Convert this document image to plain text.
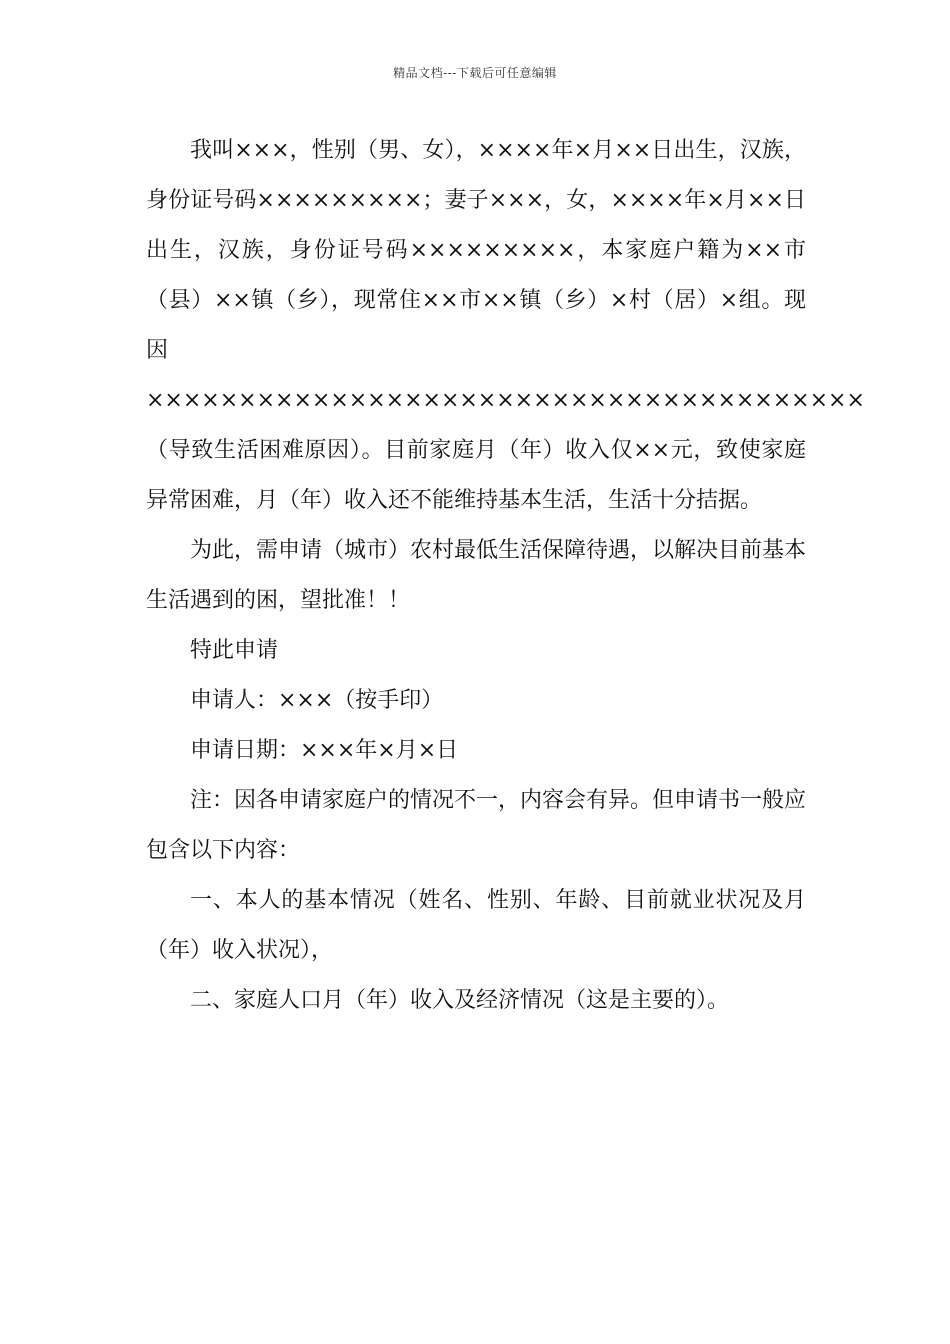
精品文档---下载后可任意编辑

我叫×××，性别（男、女），××××年×月××日出生，汉族，身份证号码×××××××××；妻子×××，女，××××年×月××日出生，汉族，身份证号码×××××××××，本家庭户籍为××市（县）××镇（乡），现常住××市××镇（乡）×村（居）×组。现因×××××××××××××××××××××××××××××××××××××××（导致生活困难原因）。目前家庭月（年）收入仅××元，致使家庭异常困难，月（年）收入还不能维持基本生活，生活十分拮据。

为此，需申请（城市）农村最低生活保障待遇，以解决目前基本生活遇到的困，望批准！！

特此申请

申请人：×××（按手印）

申请日期：×××年×月×日

注：因各申请家庭户的情况不一，内容会有异。但申请书一般应包含以下内容：

一、本人的基本情况（姓名、性别、年龄、目前就业状况及月（年）收入状况），

二、家庭人口月（年）收入及经济情况（这是主要的）。
